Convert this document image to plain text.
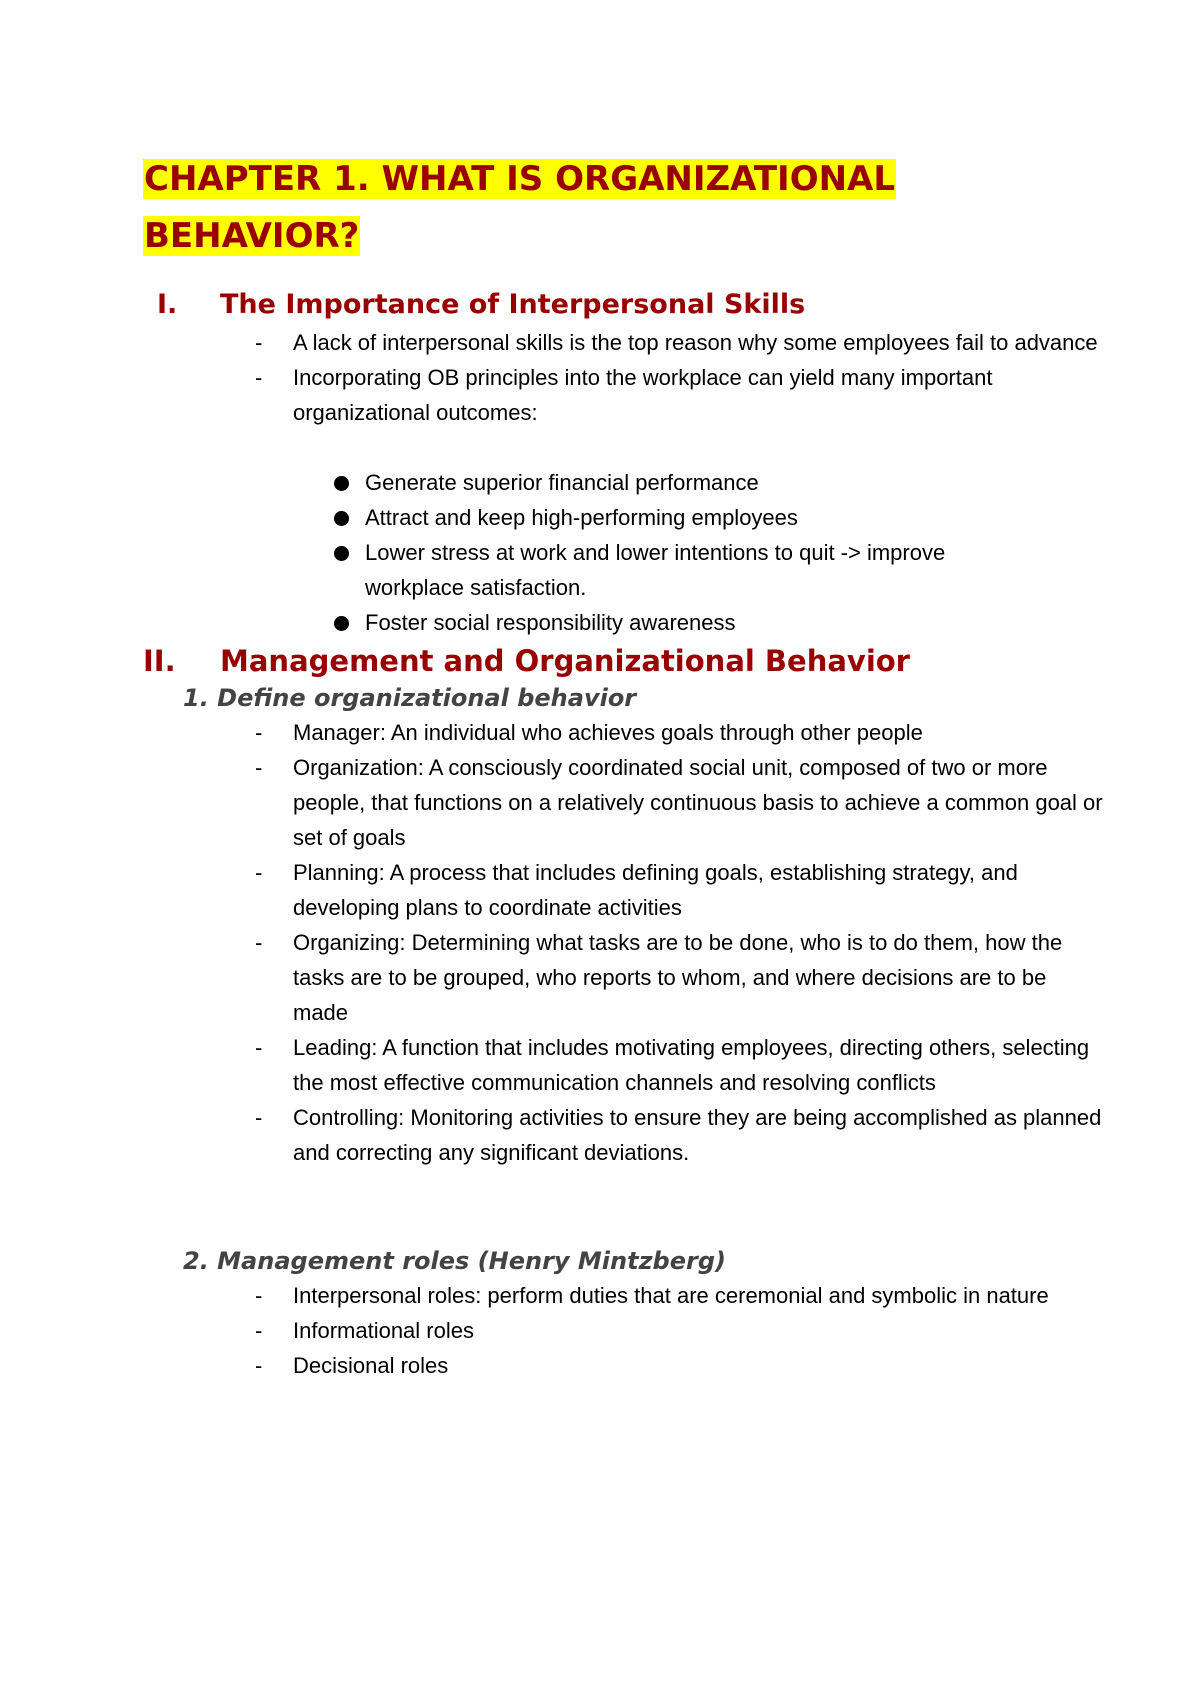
CHAPTER 1. WHAT IS ORGANIZATIONAL BEHAVIOR?
I. The Importance of Interpersonal Skills
- A lack of interpersonal skills is the top reason why some employees fail to advance
- Incorporating OB principles into the workplace can yield many important organizational outcomes:
Generate superior financial performance
Attract and keep high-performing employees
Lower stress at work and lower intentions to quit -> improve workplace satisfaction.
Foster social responsibility awareness
II. Management and Organizational Behavior
1. Define organizational behavior
- Manager: An individual who achieves goals through other people
- Organization: A consciously coordinated social unit, composed of two or more people, that functions on a relatively continuous basis to achieve a common goal or set of goals
- Planning: A process that includes defining goals, establishing strategy, and developing plans to coordinate activities
- Organizing: Determining what tasks are to be done, who is to do them, how the tasks are to be grouped, who reports to whom, and where decisions are to be made
- Leading: A function that includes motivating employees, directing others, selecting the most effective communication channels and resolving conflicts
- Controlling: Monitoring activities to ensure they are being accomplished as planned and correcting any significant deviations.
2. Management roles (Henry Mintzberg)
- Interpersonal roles: perform duties that are ceremonial and symbolic in nature
- Informational roles
- Decisional roles
